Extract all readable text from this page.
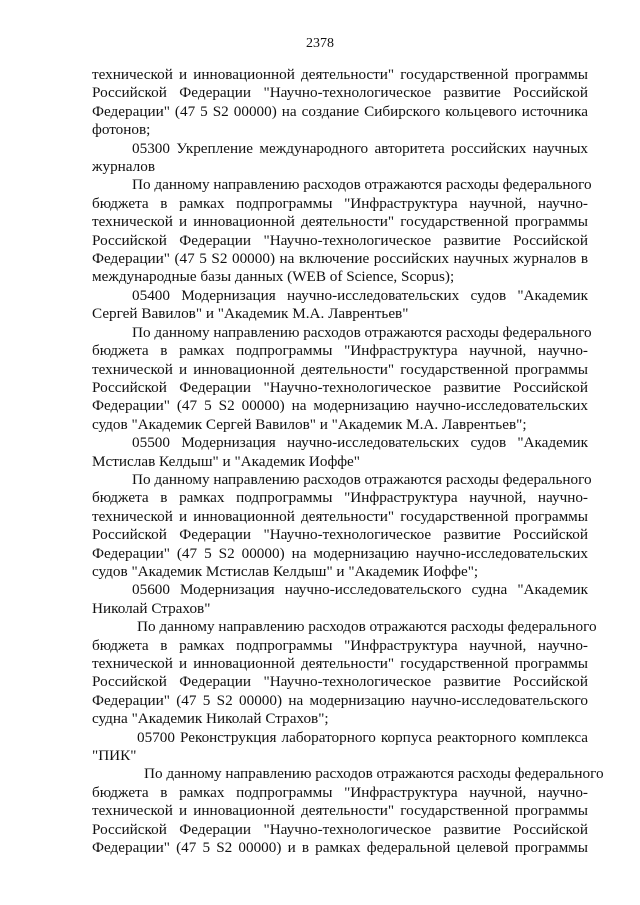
2378
технической и инновационной деятельности" государственной программы
Российской Федерации "Научно-технологическое развитие Российской
Федерации" (47 5 S2 00000) на создание Сибирского кольцевого источника
фотонов;
05300 Укрепление международного авторитета российских научных
журналов
По данному направлению расходов отражаются расходы федерального
бюджета в рамках подпрограммы "Инфраструктура научной, научно-
технической и инновационной деятельности" государственной программы
Российской Федерации "Научно-технологическое развитие Российской
Федерации" (47 5 S2 00000) на включение российских научных журналов в
международные базы данных (WEB of Science, Scopus);
05400 Модернизация научно-исследовательских судов "Академик
Сергей Вавилов" и "Академик М.А. Лаврентьев"
По данному направлению расходов отражаются расходы федерального
бюджета в рамках подпрограммы "Инфраструктура научной, научно-
технической и инновационной деятельности" государственной программы
Российской Федерации "Научно-технологическое развитие Российской
Федерации" (47 5 S2 00000) на модернизацию научно-исследовательских
судов "Академик Сергей Вавилов" и "Академик М.А. Лаврентьев";
05500 Модернизация научно-исследовательских судов "Академик
Мстислав Келдыш" и "Академик Иоффе"
По данному направлению расходов отражаются расходы федерального
бюджета в рамках подпрограммы "Инфраструктура научной, научно-
технической и инновационной деятельности" государственной программы
Российской Федерации "Научно-технологическое развитие Российской
Федерации" (47 5 S2 00000) на модернизацию научно-исследовательских
судов "Академик Мстислав Келдыш" и "Академик Иоффе";
05600 Модернизация научно-исследовательского судна "Академик
Николай Страхов"
По данному направлению расходов отражаются расходы федерального
бюджета в рамках подпрограммы "Инфраструктура научной, научно-
технической и инновационной деятельности" государственной программы
Российской Федерации "Научно-технологическое развитие Российской
Федерации" (47 5 S2 00000) на модернизацию научно-исследовательского
судна "Академик Николай Страхов";
05700 Реконструкция лабораторного корпуса реакторного комплекса
"ПИК"
По данному направлению расходов отражаются расходы федерального
бюджета в рамках подпрограммы "Инфраструктура научной, научно-
технической и инновационной деятельности" государственной программы
Российской Федерации "Научно-технологическое развитие Российской
Федерации" (47 5 S2 00000) и в рамках федеральной целевой программы
